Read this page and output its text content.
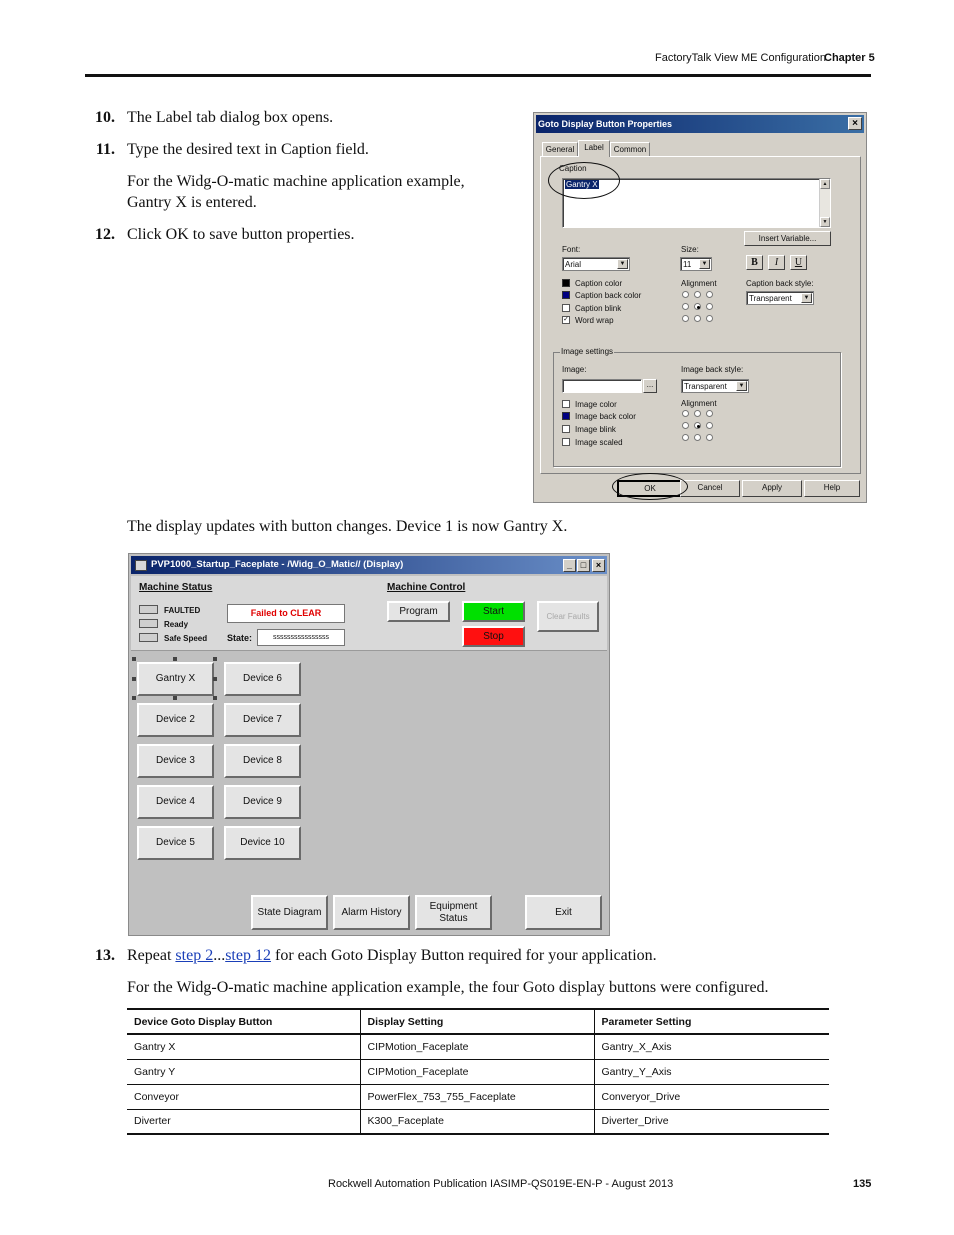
FactoryTalk View ME Configuration
Chapter 5
10. The Label tab dialog box opens.
11. Type the desired text in Caption field.
For the Widg-O-matic machine application example, Gantry X is entered.
12. Click OK to save button properties.
Goto Display Button Properties	×
General	Label	Common
Caption
Gantry X	▲
▼
Insert Variable...
Font:
Arial	▼
Size:
11	▼	B	I	U
Caption color
Caption back color
Caption blink
✓ Word wrap
Alignment	Caption back style:
Transparent	▼
Image settings
Image:
...
Image back style:
Transparent	▼
Image color
Image back color
Image blink
Image scaled
Alignment
OK	Cancel	Apply	Help
The display updates with button changes. Device 1 is now Gantry X.
PVP1000_Startup_Faceplate - /Widg_O_Matic// (Display)	_ □	×
Machine Status
FAULTED
Ready
Safe Speed
Failed to CLEAR
State:	ssssssssssssssss
Machine Control
Program	Start
Stop
Clear Faults
Gantry X
Device 2
Device 3
Device 4
Device 5
Device 6
Device 7
Device 8
Device 9
Device 10
State Diagram	Alarm History
Equipment Status
Exit
13. Repeat step 2...step 12 for each Goto Display Button required for your application.
For the Widg-O-matic machine application example, the four Goto display buttons were configured.
Device Goto Display Button	Display Setting	Parameter Setting
Gantry X	CIPMotion_Faceplate	Gantry_X_Axis
Gantry Y	CIPMotion_Faceplate	Gantry_Y_Axis
Conveyor	PowerFlex_753_755_Faceplate	Converyor_Drive
Diverter	K300_Faceplate	Diverter_Drive
Rockwell Automation Publication IASIMP-QS019E-EN-P - August 2013	135
